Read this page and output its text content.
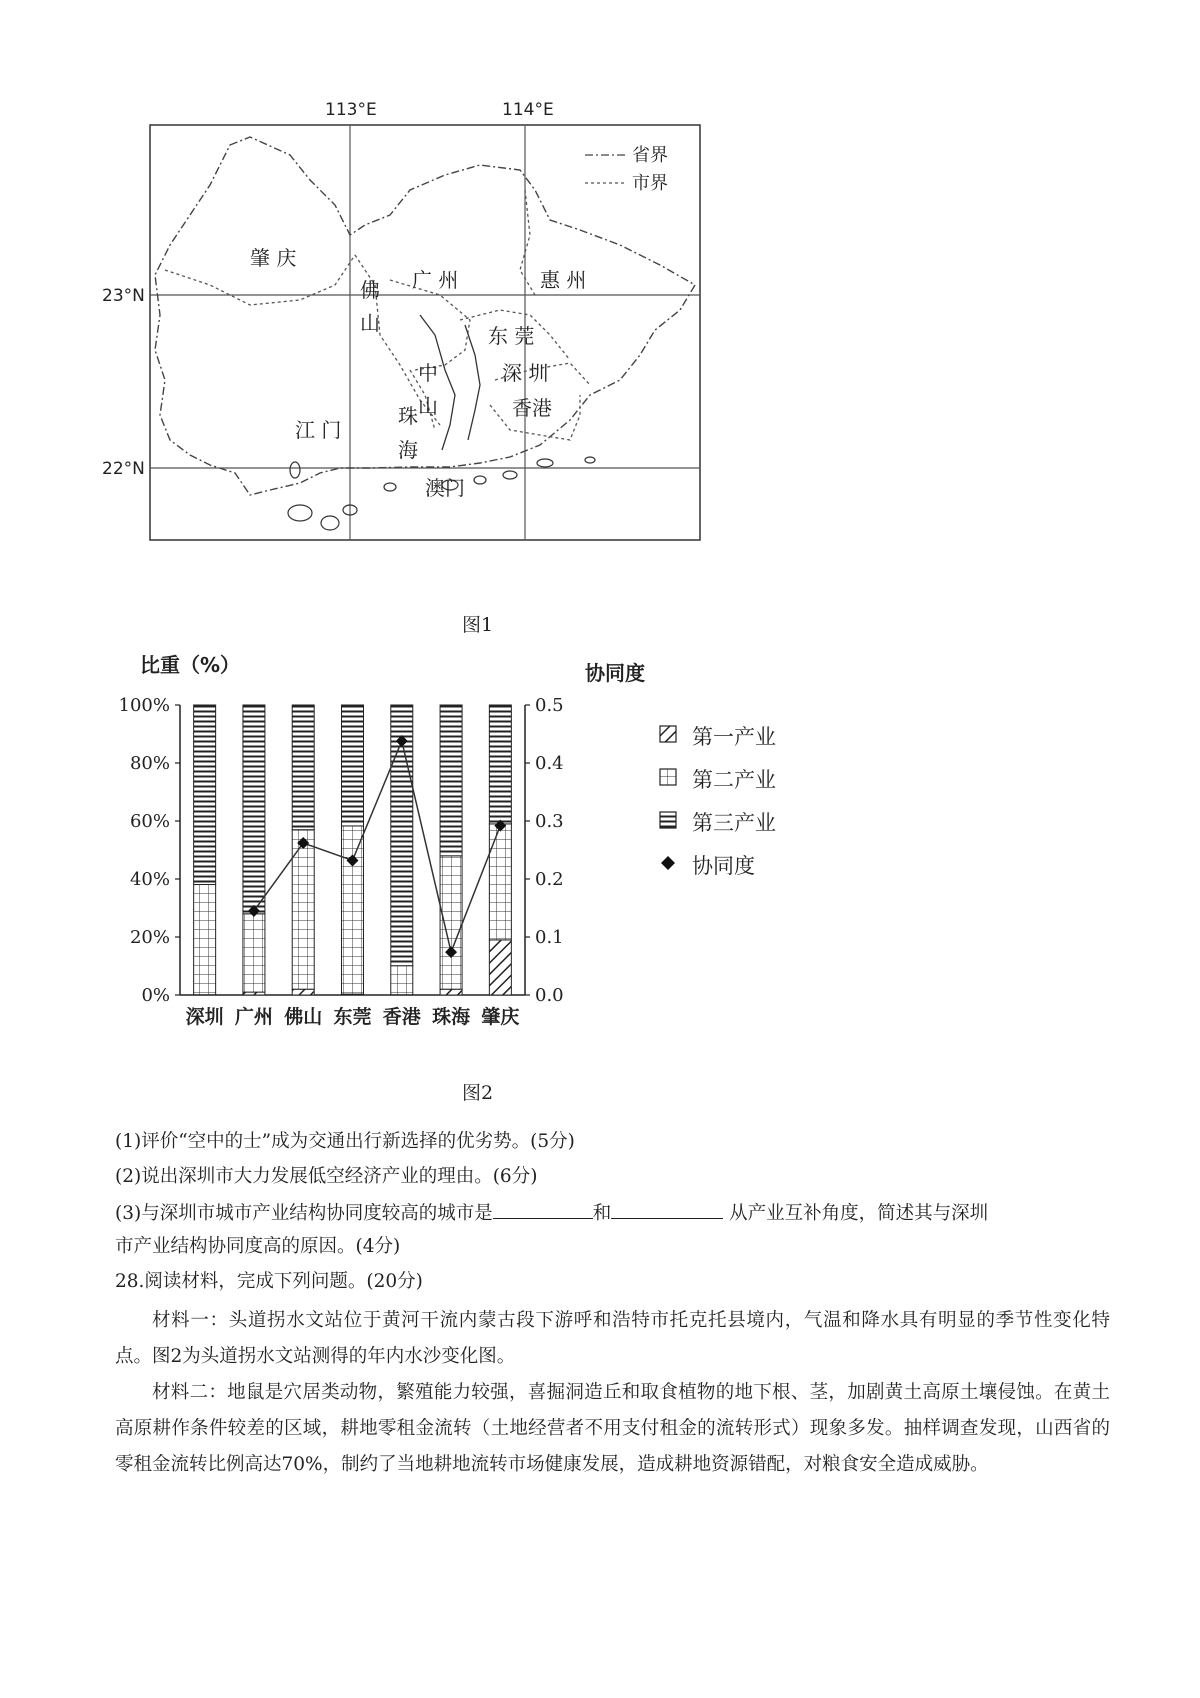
113°E	114°E
23°N
22°N
肇 庆
佛
山
广 州	惠 州
东 莞
中
山
深 圳
香港
江 门
珠
海
澳门
省界
市界
图1
比重（%）	协同度
100%
80%
60%
40%
20%
0%
0.5
0.4
0.3
0.2
0.1
0.0
深圳 广州 佛山 东莞 香港 珠海 肇庆
第一产业
第二产业
第三产业
协同度
图2
(1)评价“空中的士”成为交通出行新选择的优劣势。(5分)
(2)说出深圳市大力发展低空经济产业的理由。(6分)
(3)与深圳市城市产业结构协同度较高的城市是	和	从产业互补角度，简述其与深圳
市产业结构协同度高的原因。(4分)
28.阅读材料，完成下列问题。(20分)
材料一：头道拐水文站位于黄河干流内蒙古段下游呼和浩特市托克托县境内，气温和降水具有明显的季节性变化特点。图2为头道拐水文站测得的年内水沙变化图。
材料二：地鼠是穴居类动物，繁殖能力较强，喜掘洞造丘和取食植物的地下根、茎，加剧黄土高原土壤侵蚀。在黄土高原耕作条件较差的区域，耕地零租金流转（土地经营者不用支付租金的流转形式）现象多发。抽样调查发现，山西省的零租金流转比例高达70%，制约了当地耕地流转市场健康发展，造成耕地资源错配，对粮食安全造成威胁。
